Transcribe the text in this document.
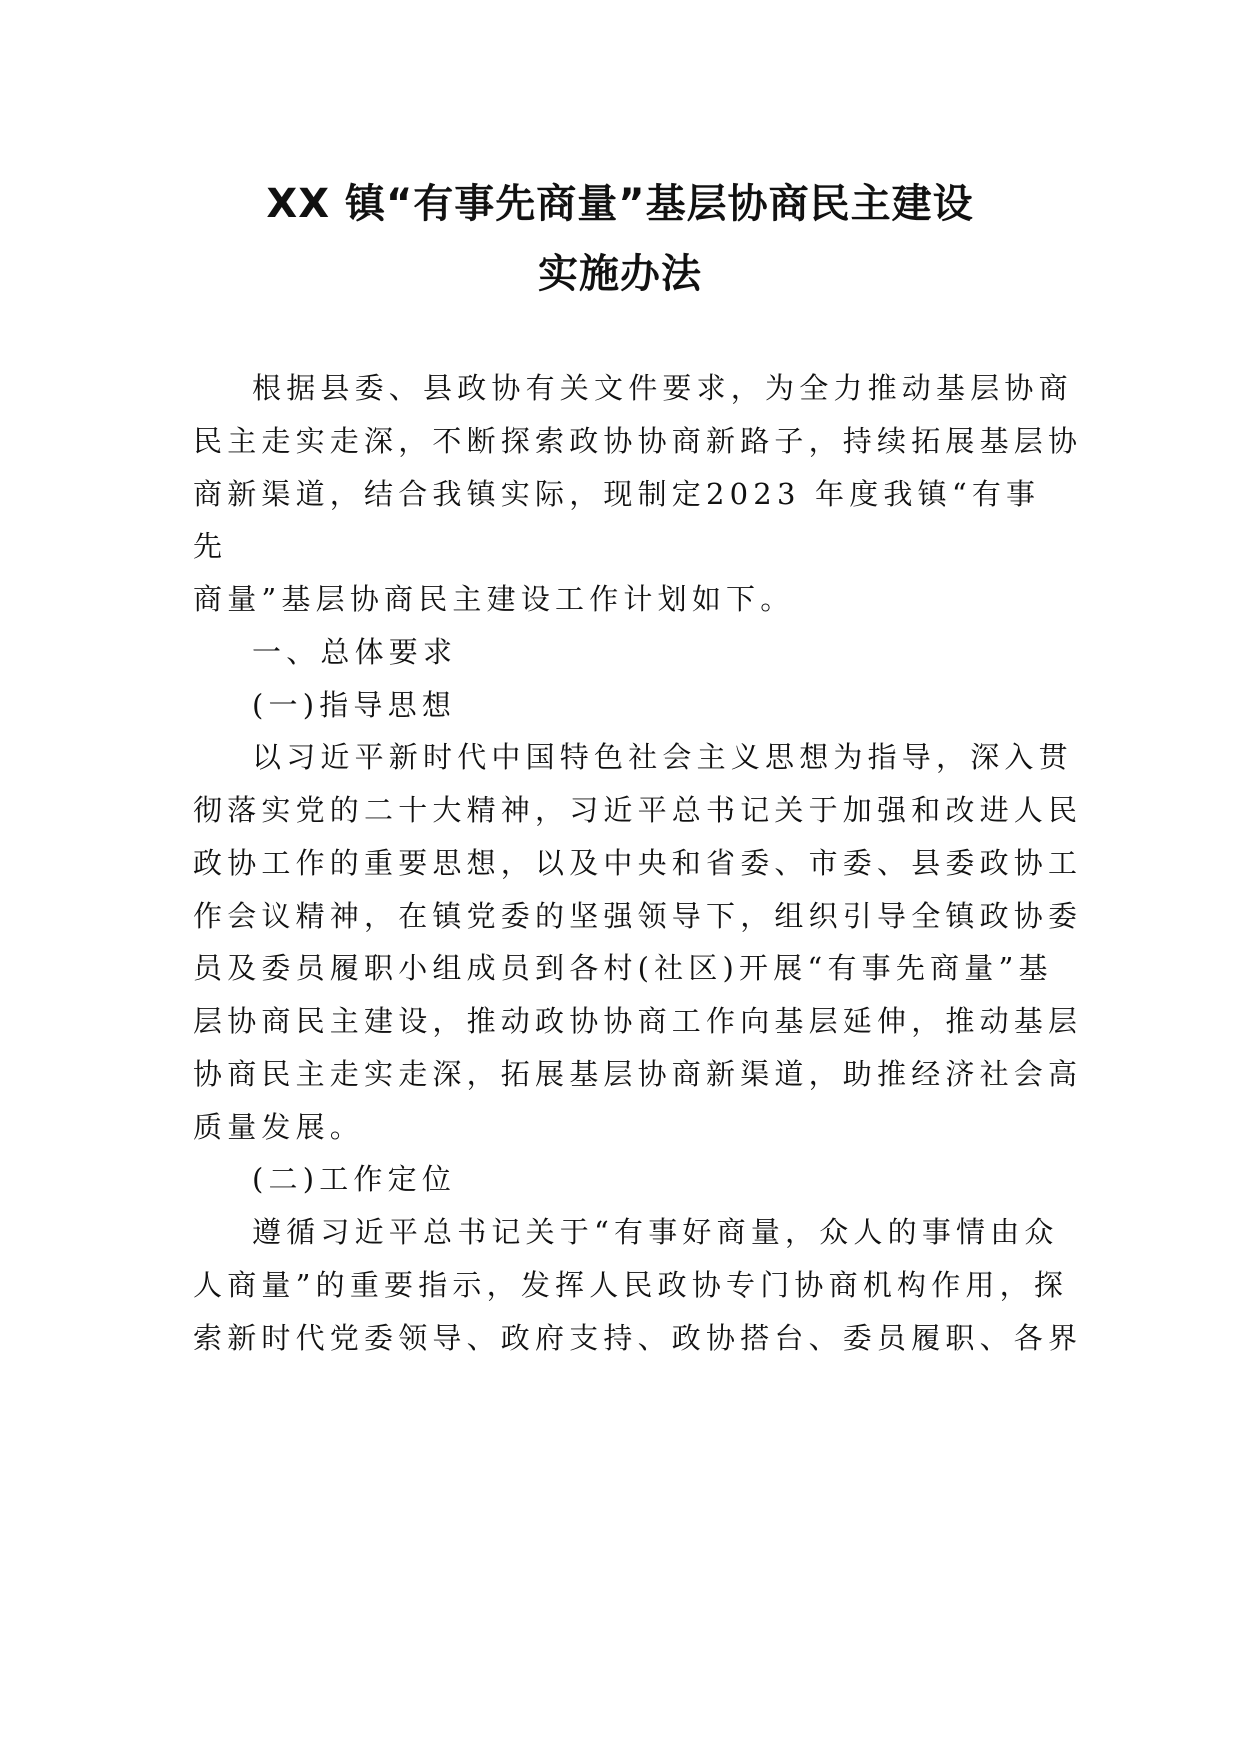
XX 镇“有事先商量”基层协商民主建设
实施办法

根据县委、县政协有关文件要求，为全力推动基层协商

民主走实走深，不断探索政协协商新路子，持续拓展基层协

商新渠道，结合我镇实际，现制定2023 年度我镇“有事

先

商量”基层协商民主建设工作计划如下。

一、总体要求

(一)指导思想

以习近平新时代中国特色社会主义思想为指导，深入贯

彻落实党的二十大精神，习近平总书记关于加强和改进人民

政协工作的重要思想，以及中央和省委、市委、县委政协工

作会议精神，在镇党委的坚强领导下，组织引导全镇政协委

员及委员履职小组成员到各村(社区)开展“有事先商量”基

层协商民主建设，推动政协协商工作向基层延伸，推动基层

协商民主走实走深，拓展基层协商新渠道，助推经济社会高

质量发展。

(二)工作定位

遵循习近平总书记关于“有事好商量，众人的事情由众

人商量”的重要指示，发挥人民政协专门协商机构作用，探

索新时代党委领导、政府支持、政协搭台、委员履职、各界
